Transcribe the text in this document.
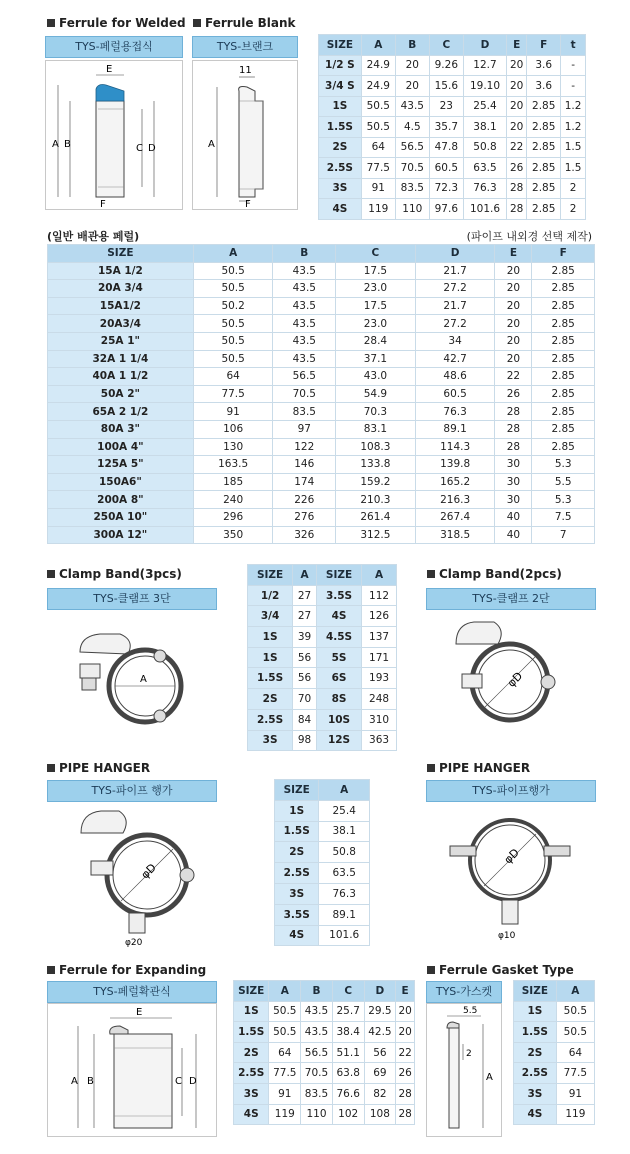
Ferrule for Welded	Ferrule Blank
TYS-페럴용접식	TYS-브랜크
A B	C D
E
F
11
A
F
SIZE	A	B	C	D	E	F	t
1/2 S	24.9	20	9.26	12.7	20	3.6	-
3/4 S	24.9	20	15.6	19.10	20	3.6	-
1S	50.5	43.5	23	25.4	20	2.85	1.2
1.5S	50.5	4.5	35.7	38.1	20	2.85	1.2
2S	64	56.5	47.8	50.8	22	2.85	1.5
2.5S	77.5	70.5	60.5	63.5	26	2.85	1.5
3S	91	83.5	72.3	76.3	28	2.85	2
4S	119	110	97.6	101.6	28	2.85	2
(일반 배관용 페럴)	(파이프 내외경 선택 제작)
SIZE	A	B	C	D	E	F
15A 1/2	50.5	43.5	17.5	21.7	20	2.85
20A 3/4	50.5	43.5	23.0	27.2	20	2.85
15A1/2	50.2	43.5	17.5	21.7	20	2.85
20A3/4	50.5	43.5	23.0	27.2	20	2.85
25A 1"	50.5	43.5	28.4	34	20	2.85
32A 1 1/4	50.5	43.5	37.1	42.7	20	2.85
40A 1 1/2	64	56.5	43.0	48.6	22	2.85
50A 2"	77.5	70.5	54.9	60.5	26	2.85
65A 2 1/2	91	83.5	70.3	76.3	28	2.85
80A 3"	106	97	83.1	89.1	28	2.85
100A 4"	130	122	108.3	114.3	28	2.85
125A 5"	163.5	146	133.8	139.8	30	5.3
150A6"	185	174	159.2	165.2	30	5.5
200A 8"	240	226	210.3	216.3	30	5.3
250A 10"	296	276	261.4	267.4	40	7.5
300A 12"	350	326	312.5	318.5	40	7
Clamp Band(3pcs)
TYS-클램프 3단
A
SIZE	A	SIZE	A
1/2	27	3.5S	112
3/4	27	4S	126
1S	39	4.5S	137
1S	56	5S	171
1.5S	56	6S	193
2S	70	8S	248
2.5S	84	10S	310
3S	98	12S	363
Clamp Band(2pcs)
TYS-클램프 2단
φD
PIPE HANGER
TYS-파이프 행가
φD
φ20
SIZE	A
1S	25.4
1.5S	38.1
2S	50.8
2.5S	63.5
3S	76.3
3.5S	89.1
4S	101.6
PIPE HANGER
TYS-파이프행가
φD
φ10
Ferrule for Expanding
TYS-페럴확관식
A B	C D
E
SIZE	A	B	C	D	E
1S	50.5	43.5	25.7	29.5	20
1.5S	50.5	43.5	38.4	42.5	20
2S	64	56.5	51.1	56	22
2.5S	77.5	70.5	63.8	69	26
3S	91	83.5	76.6	82	28
4S	119	110	102	108	28
Ferrule Gasket Type
TYS-가스켓
5.5
2
A
SIZE	A
1S	50.5
1.5S	50.5
2S	64
2.5S	77.5
3S	91
4S	119
